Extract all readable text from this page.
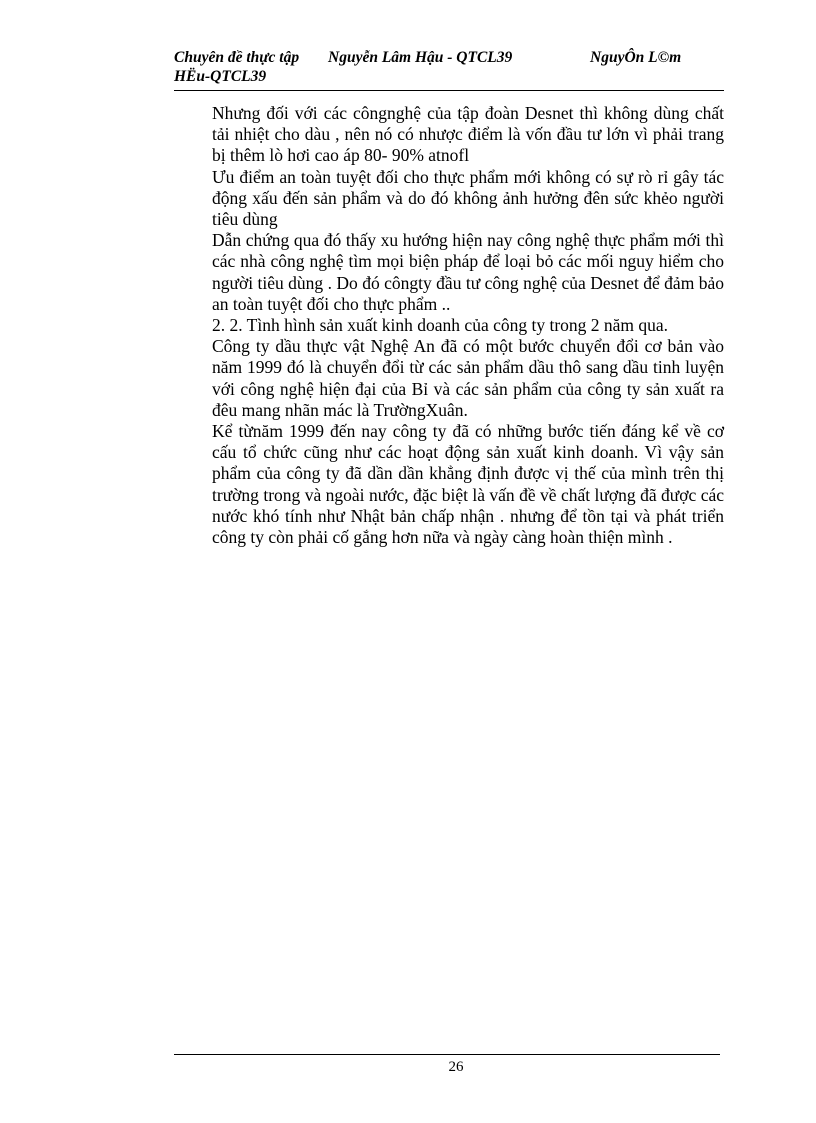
Chuyên đề thực tập Nguyễn Lâm Hậu - QTCL39	NguyÔn L©m
HËu-QTCL39

Nhưng đối với các côngnghệ của tập đoàn Desnet thì không dùng chất tải nhiệt cho dàu , nên nó có nhược điểm là vốn đầu tư lớn vì phải trang bị thêm lò hơi cao áp 80- 90% atnofl

Ưu điểm an toàn tuyệt đối cho thực phẩm mới không có sự rò rỉ gây tác động xấu đến sản phẩm và do đó không ảnh hưởng đên sức khẻo người tiêu dùng

Dẫn chứng qua đó thấy xu hướng hiện nay công nghệ thực phẩm mới thì các nhà công nghệ tìm mọi biện pháp để loại bỏ các mối nguy hiểm cho người tiêu dùng . Do đó côngty đầu tư công nghệ của Desnet để đảm bảo an toàn tuyệt đối cho thực phẩm ..

2. 2. Tình hình sản xuất kinh doanh của công ty trong 2 năm qua.

Công ty dầu thực vật Nghệ An đã có một bước chuyển đổi cơ bản vào năm 1999 đó là chuyển đổi từ các sản phẩm dầu thô sang dầu tinh luyện với công nghệ hiện đại của Bỉ và các sản phẩm của công ty sản xuất ra đêu mang nhãn mác là TrườngXuân.

Kể từnăm 1999 đến nay công ty đã có những bước tiến đáng kể về cơ cấu tổ chức cũng như các hoạt động sản xuất kinh doanh. Vì vậy sản phẩm của công ty đã dần dần khẳng định được vị thế của mình trên thị trường trong và ngoài nước, đặc biệt là vấn đề về chất lượng đã được các nước khó tính như Nhật bản chấp nhận . nhưng để tồn tại và phát triển công ty còn phải cố gắng hơn nữa và ngày càng hoàn thiện mình .

26
